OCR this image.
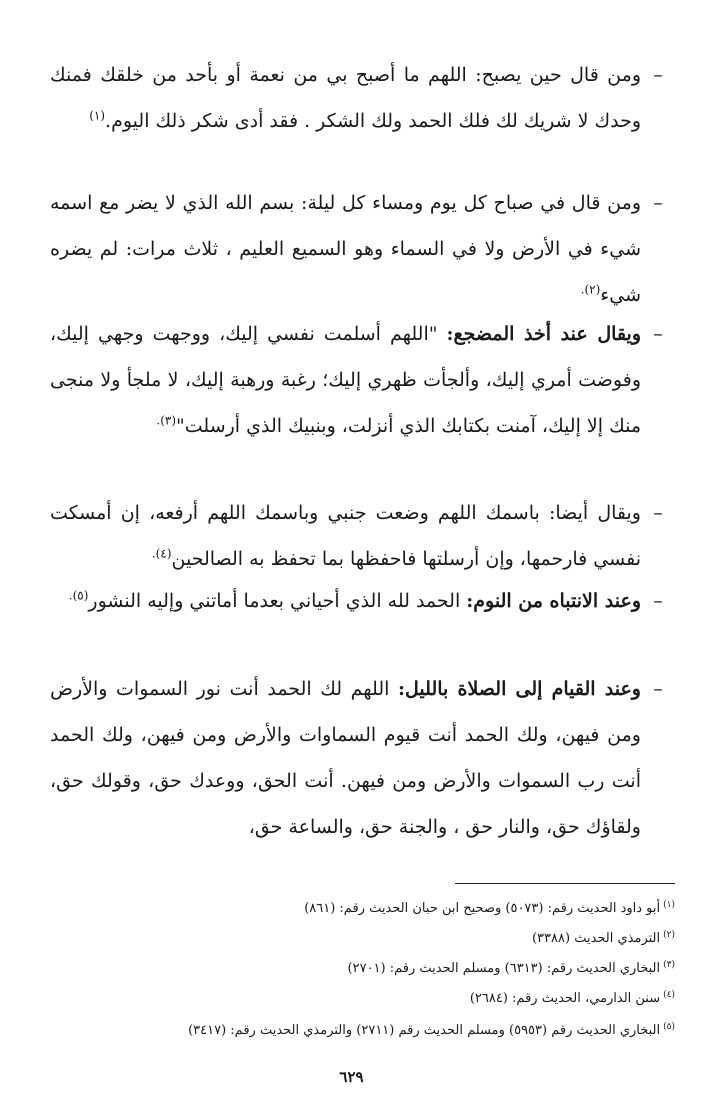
–
ومن قال حين يصبح: اللهم ما أصبح بي من نعمة أو بأحد من خلقك فمنك وحدك لا شريك لك فلك الحمد ولك الشكر . فقد أدى شكر ذلك اليوم.$^{(١)}$
–
ومن قال في صباح كل يوم ومساء كل ليلة: بسم الله الذي لا يضر مع اسمه شيء في الأرض ولا في السماء وهو السميع العليم ، ثلاث مرات: لم يضره شيء$^{(٢).}$
–
ويقال عند أخذ المضجع: "اللهم أسلمت نفسي إليك، ووجهت وجهي إليك، وفوضت أمري إليك، وألجأت ظهري إليك؛ رغبة ورهبة إليك، لا ملجأ ولا منجى منك إلا إليك، آمنت بكتابك الذي أنزلت، وبنبيك الذي أرسلت"$^{(٣).}$
–
ويقال أيضا: باسمك اللهم وضعت جنبي وباسمك اللهم أرفعه، إن أمسكت نفسي فارحمها، وإن أرسلتها فاحفظها بما تحفظ به الصالحين$^{(٤).}$
–
وعند الانتباه من النوم: الحمد لله الذي أحياني بعدما أماتني وإليه النشور$^{(٥).}$
–
وعند القيام إلى الصلاة بالليل: اللهم لك الحمد أنت نور السموات والأرض ومن فيهن، ولك الحمد أنت قيوم السماوات والأرض ومن فيهن، ولك الحمد أنت رب السموات والأرض ومن فيهن. أنت الحق، ووعدك حق، وقولك حق، ولقاؤك حق، والنار حق ، والجنة حق، والساعة حق،
$^{(١)}$أبو داود الحديث رقم: (٥٠٧٣) وصحيح ابن حبان الحديث رقم: (٨٦١)
$^{(٢)}$الترمذي الحديث (٣٣٨٨)
$^{(٣)}$البخاري الحديث رقم: (٦٣١٣) ومسلم الحديث رقم: (٢٧٠١)
$^{(٤)}$سنن الدارمي، الحديث رقم: (٢٦٨٤)
$^{(٥)}$البخاري الحديث رقم (٥٩٥٣) ومسلم الحديث رقم (٢٧١١) والترمذي الحديث رقم: (٣٤١٧)
٦٢٩
